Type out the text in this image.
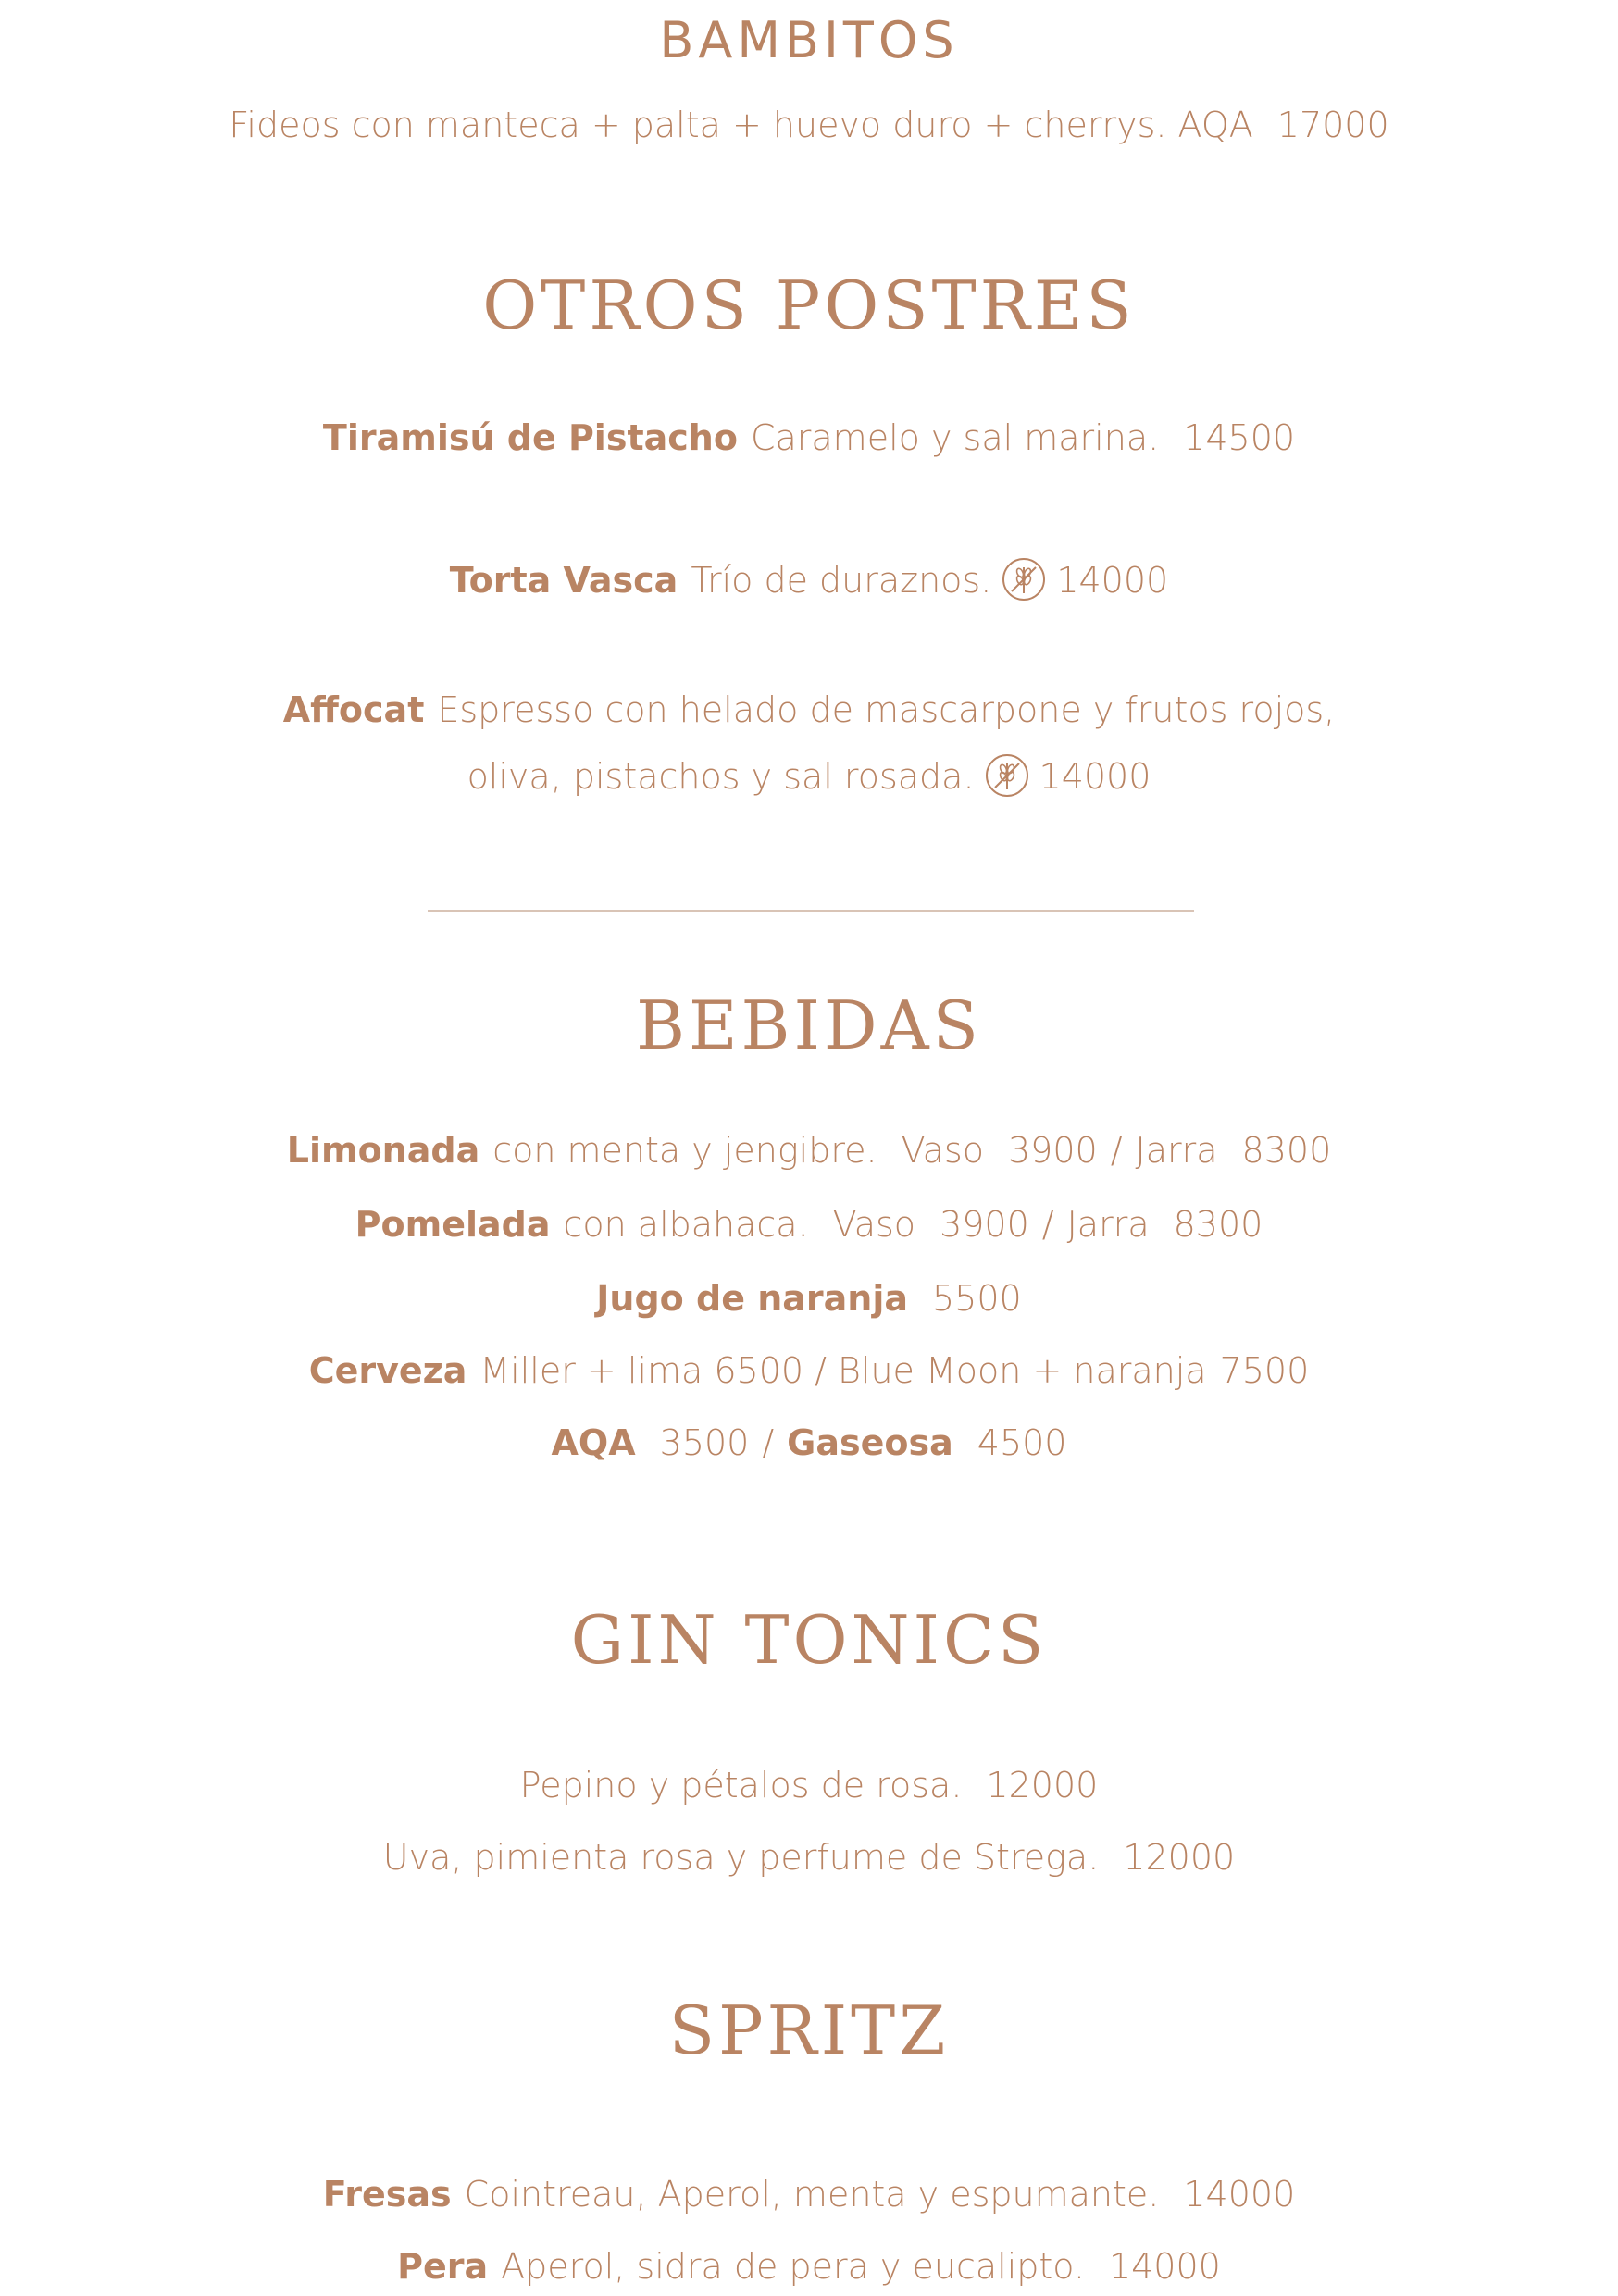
BAMBITOS
Fideos con manteca + palta + huevo duro + cherrys. AQA 17000
OTROS POSTRES
Tiramisú de Pistacho Caramelo y sal marina. 14500
Torta Vasca Trío de duraznos. 14000
Affocat Espresso con helado de mascarpone y frutos rojos,
oliva, pistachos y sal rosada. 14000
BEBIDAS
Limonada con menta y jengibre. Vaso 3900 / Jarra 8300
Pomelada con albahaca. Vaso 3900 / Jarra 8300
Jugo de naranja 5500
Cerveza Miller + lima 6500 / Blue Moon + naranja 7500
AQA 3500 / Gaseosa 4500
GIN TONICS
Pepino y pétalos de rosa. 12000
Uva, pimienta rosa y perfume de Strega. 12000
SPRITZ
Fresas Cointreau, Aperol, menta y espumante. 14000
Pera Aperol, sidra de pera y eucalipto. 14000
